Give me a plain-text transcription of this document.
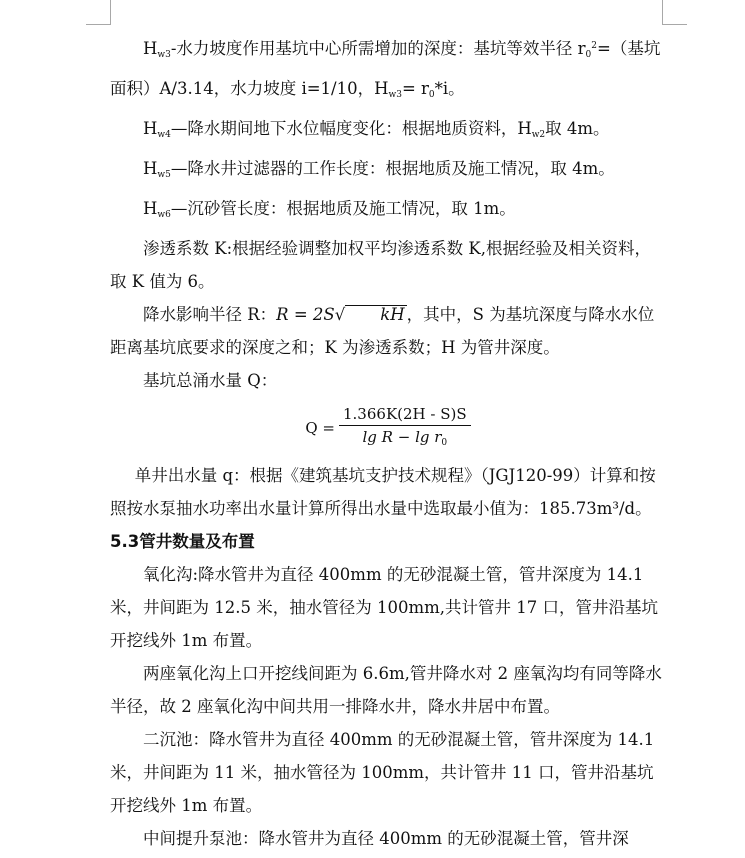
$H_{w3}-$水力坡度作用基坑中心所需增加的深度：基坑等效半径 $r_0^2=$（基坑面积）A/3.14，水力坡度 i=1/10，$H_{w3}= r_0*i$。

$H_{w4}—$降水期间地下水位幅度变化：根据地质资料，$H_{w2}$取 4m。

$H_{w5}—$降水井过滤器的工作长度：根据地质及施工情况，取 4m。

$H_{w6}—$沉砂管长度：根据地质及施工情况，取 1m。

渗透系数 K:根据经验调整加权平均渗透系数 K,根据经验及相关资料，取 K 值为 6。

降水影响半径 R：R = 2S√ kH ，其中，S 为基坑深度与降水水位距离基坑底要求的深度之和；K 为渗透系数；H 为管井深度。

基坑总涌水量 Q：

$Q = \frac{1.366K(2H - S)S}{\lg R - \lg r_0}$

单井出水量 q：根据《建筑基坑支护技术规程》（JGJ120-99）计算和按照按水泵抽水功率出水量计算所得出水量中选取最小值为：185.73m³/d。

5.3管井数量及布置

氧化沟:降水管井为直径 400mm 的无砂混凝土管，管井深度为 14.1 米，井间距为 12.5 米，抽水管径为 100mm,共计管井 17 口，管井沿基坑开挖线外 1m 布置。

两座氧化沟上口开挖线间距为 6.6m,管井降水对 2 座氧沟均有同等降水半径，故 2 座氧化沟中间共用一排降水井，降水井居中布置。

二沉池：降水管井为直径 400mm 的无砂混凝土管，管井深度为 14.1 米，井间距为 11 米，抽水管径为 100mm，共计管井 11 口，管井沿基坑开挖线外 1m 布置。

中间提升泵池：降水管井为直径 400mm 的无砂混凝土管，管井深
